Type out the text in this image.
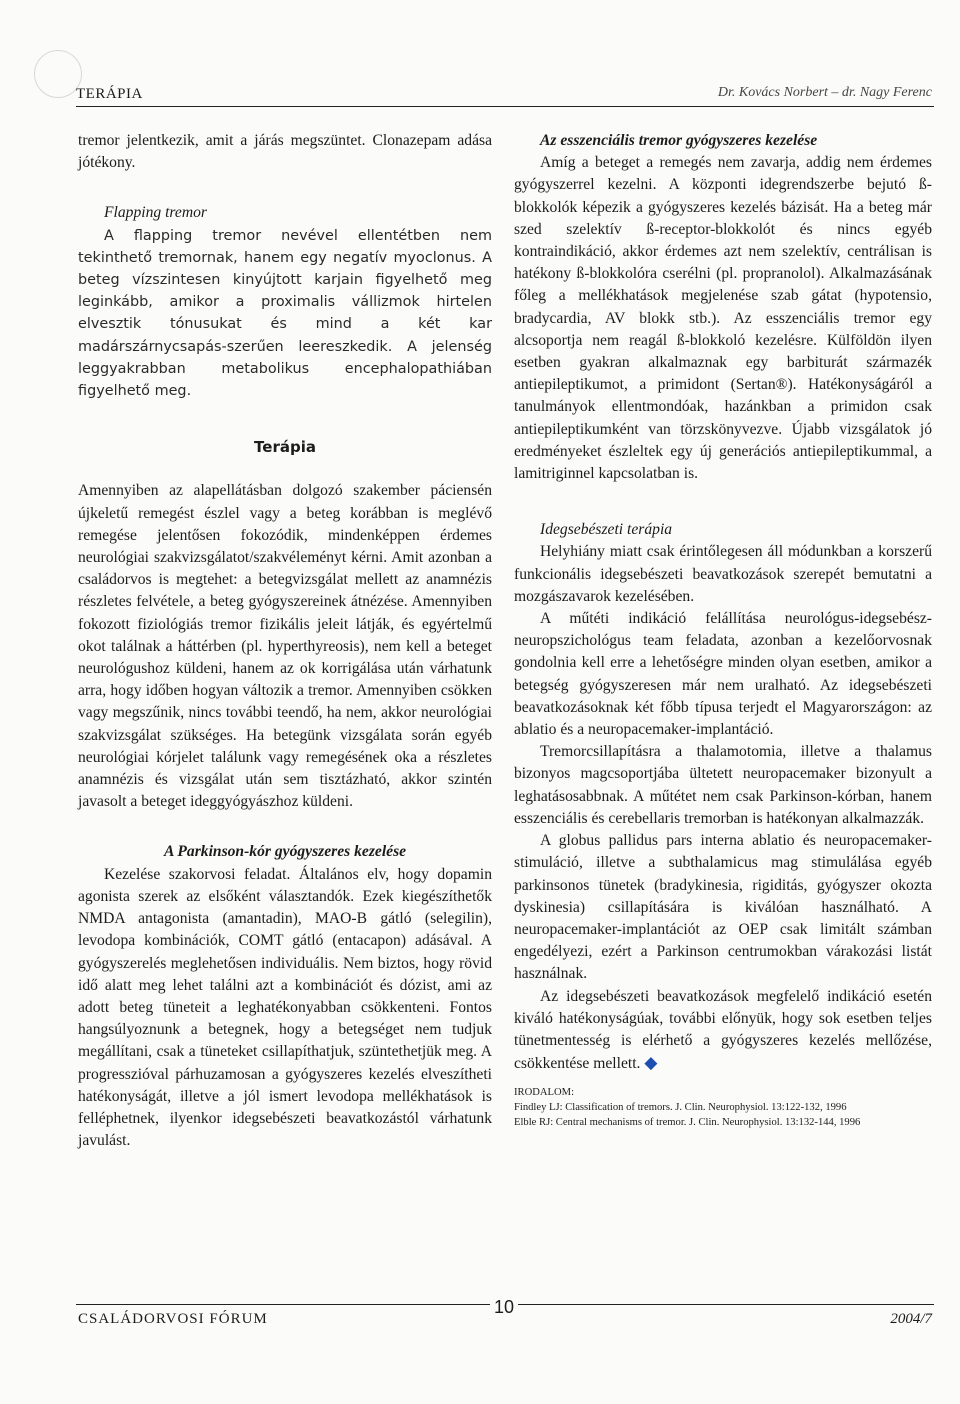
TERÁPIA	Dr. Kovács Norbert – dr. Nagy Ferenc

tremor jelentkezik, amit a járás megszüntet. Clonazepam adása jótékony.

Flapping tremor

A flapping tremor nevével ellentétben nem tekinthető tremornak, hanem egy negatív myoclonus. A beteg vízszintesen kinyújtott karjain figyelhető meg leginkább, amikor a proximalis vállizmok hirtelen elvesztik tónusukat és mind a két kar madárszárnycsapás-szerűen leereszkedik. A jelenség leggyakrabban metabolikus encephalopathiában figyelhető meg.

Terápia

Amennyiben az alapellátásban dolgozó szakember páciensén újkeletű remegést észlel vagy a beteg korábban is meglévő remegése jelentősen fokozódik, mindenképpen érdemes neurológiai szakvizsgálatot/szakvéleményt kérni. Amit azonban a családorvos is megtehet: a betegvizsgálat mellett az anamnézis részletes felvétele, a beteg gyógyszereinek átnézése. Amennyiben fokozott fiziológiás tremor fizikális jeleit látják, és egyértelmű okot találnak a háttérben (pl. hyperthyreosis), nem kell a beteget neurológushoz küldeni, hanem az ok korrigálása után várhatunk arra, hogy időben hogyan változik a tremor. Amennyiben csökken vagy megszűnik, nincs további teendő, ha nem, akkor neurológiai szakvizsgálat szükséges. Ha betegünk vizsgálata során egyéb neurológiai kórjelet találunk vagy remegésének oka a részletes anamnézis és vizsgálat után sem tisztázható, akkor szintén javasolt a beteget ideggyógyászhoz küldeni.

A Parkinson-kór gyógyszeres kezelése

Kezelése szakorvosi feladat. Általános elv, hogy dopamin agonista szerek az elsőként választandók. Ezek kiegészíthetők NMDA antagonista (amantadin), MAO-B gátló (selegilin), levodopa kombinációk, COMT gátló (entacapon) adásával. A gyógyszerelés meglehetősen individuális. Nem biztos, hogy rövid idő alatt meg lehet találni azt a kombinációt és dózist, ami az adott beteg tüneteit a leghatékonyabban csökkenteni. Fontos hangsúlyoznunk a betegnek, hogy a betegséget nem tudjuk megállítani, csak a tüneteket csillapíthatjuk, szüntethetjük meg. A progresszióval párhuzamosan a gyógyszeres kezelés elveszítheti hatékonyságát, illetve a jól ismert levodopa mellékhatások is felléphetnek, ilyenkor idegsebészeti beavatkozástól várhatunk javulást.

Az esszenciális tremor gyógyszeres kezelése

Amíg a beteget a remegés nem zavarja, addig nem érdemes gyógyszerrel kezelni. A központi idegrendszerbe bejutó ß-blokkolók képezik a gyógyszeres kezelés bázisát. Ha a beteg már szed szelektív ß-receptor-blokkolót és nincs egyéb kontraindikáció, akkor érdemes azt nem szelektív, centrálisan is hatékony ß-blokkolóra cserélni (pl. propranolol). Alkalmazásának főleg a mellékhatások megjelenése szab gátat (hypotensio, bradycardia, AV blokk stb.). Az esszenciális tremor egy alcsoportja nem reagál ß-blokkoló kezelésre. Külföldön ilyen esetben gyakran alkalmaznak egy barbiturát származék antiepileptikumot, a primidont (Sertan®). Hatékonyságáról a tanulmányok ellentmondóak, hazánkban a primidon csak antiepileptikumként van törzskönyvezve. Újabb vizsgálatok jó eredményeket észleltek egy új generációs antiepileptikummal, a lamitriginnel kapcsolatban is.

Idegsebészeti terápia

Helyhiány miatt csak érintőlegesen áll módunkban a korszerű funkcionális idegsebészeti beavatkozások szerepét bemutatni a mozgászavarok kezelésében.

A műtéti indikáció felállítása neurológus-idegsebész-neuropszichológus team feladata, azonban a kezelőorvosnak gondolnia kell erre a lehetőségre minden olyan esetben, amikor a betegség gyógyszeresen már nem uralható. Az idegsebészeti beavatkozásoknak két főbb típusa terjedt el Magyarországon: az ablatio és a neuropacemaker-implantáció.

Tremorcsillapításra a thalamotomia, illetve a thalamus bizonyos magcsoportjába ültetett neuropacemaker bizonyult a leghatásosabbnak. A műtétet nem csak Parkinson-kórban, hanem esszenciális és cerebellaris tremorban is hatékonyan alkalmazzák.

A globus pallidus pars interna ablatio és neuropacemaker-stimuláció, illetve a subthalamicus mag stimulálása egyéb parkinsonos tünetek (bradykinesia, rigiditás, gyógyszer okozta dyskinesia) csillapítására is kiválóan használható. A neuropacemaker-implantációt az OEP csak limitált számban engedélyezi, ezért a Parkinson centrumokban várakozási listát használnak.

Az idegsebészeti beavatkozások megfelelő indikáció esetén kiváló hatékonyságúak, további előnyük, hogy sok esetben teljes tünetmentesség is elérhető a gyógyszeres kezelés mellőzése, csökkentése mellett. ◆

IRODALOM:
Findley LJ: Classification of tremors. J. Clin. Neurophysiol. 13:122-132, 1996
Elble RJ: Central mechanisms of tremor. J. Clin. Neurophysiol. 13:132-144, 1996
CSALÁDORVOSI FÓRUM
10
2004/7
